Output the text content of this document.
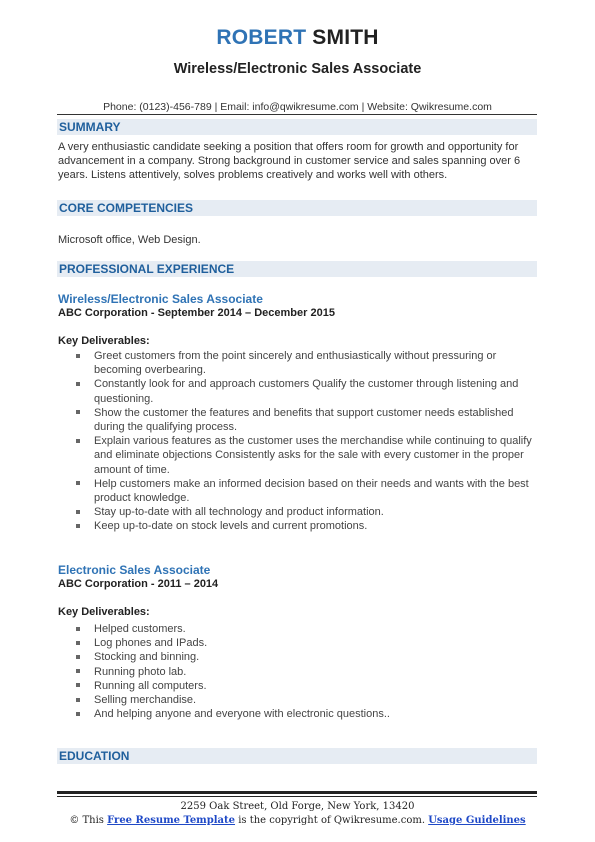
ROBERT SMITH
Wireless/Electronic Sales Associate
Phone: (0123)-456-789 | Email: info@qwikresume.com | Website: Qwikresume.com
SUMMARY
A very enthusiastic candidate seeking a position that offers room for growth and opportunity for advancement in a company. Strong background in customer service and sales spanning over 6 years. Listens attentively, solves problems creatively and works well with others.
CORE COMPETENCIES
Microsoft office, Web Design.
PROFESSIONAL EXPERIENCE
Wireless/Electronic Sales Associate
ABC Corporation - September 2014 – December 2015
Key Deliverables:
Greet customers from the point sincerely and enthusiastically without pressuring or becoming overbearing.
Constantly look for and approach customers Qualify the customer through listening and questioning.
Show the customer the features and benefits that support customer needs established during the qualifying process.
Explain various features as the customer uses the merchandise while continuing to qualify and eliminate objections Consistently asks for the sale with every customer in the proper amount of time.
Help customers make an informed decision based on their needs and wants with the best product knowledge.
Stay up-to-date with all technology and product information.
Keep up-to-date on stock levels and current promotions.
Electronic Sales Associate
ABC Corporation - 2011 – 2014
Key Deliverables:
Helped customers.
Log phones and IPads.
Stocking and binning.
Running photo lab.
Running all computers.
Selling merchandise.
And helping anyone and everyone with electronic questions..
EDUCATION
2259 Oak Street, Old Forge, New York, 13420
© This Free Resume Template is the copyright of Qwikresume.com. Usage Guidelines
